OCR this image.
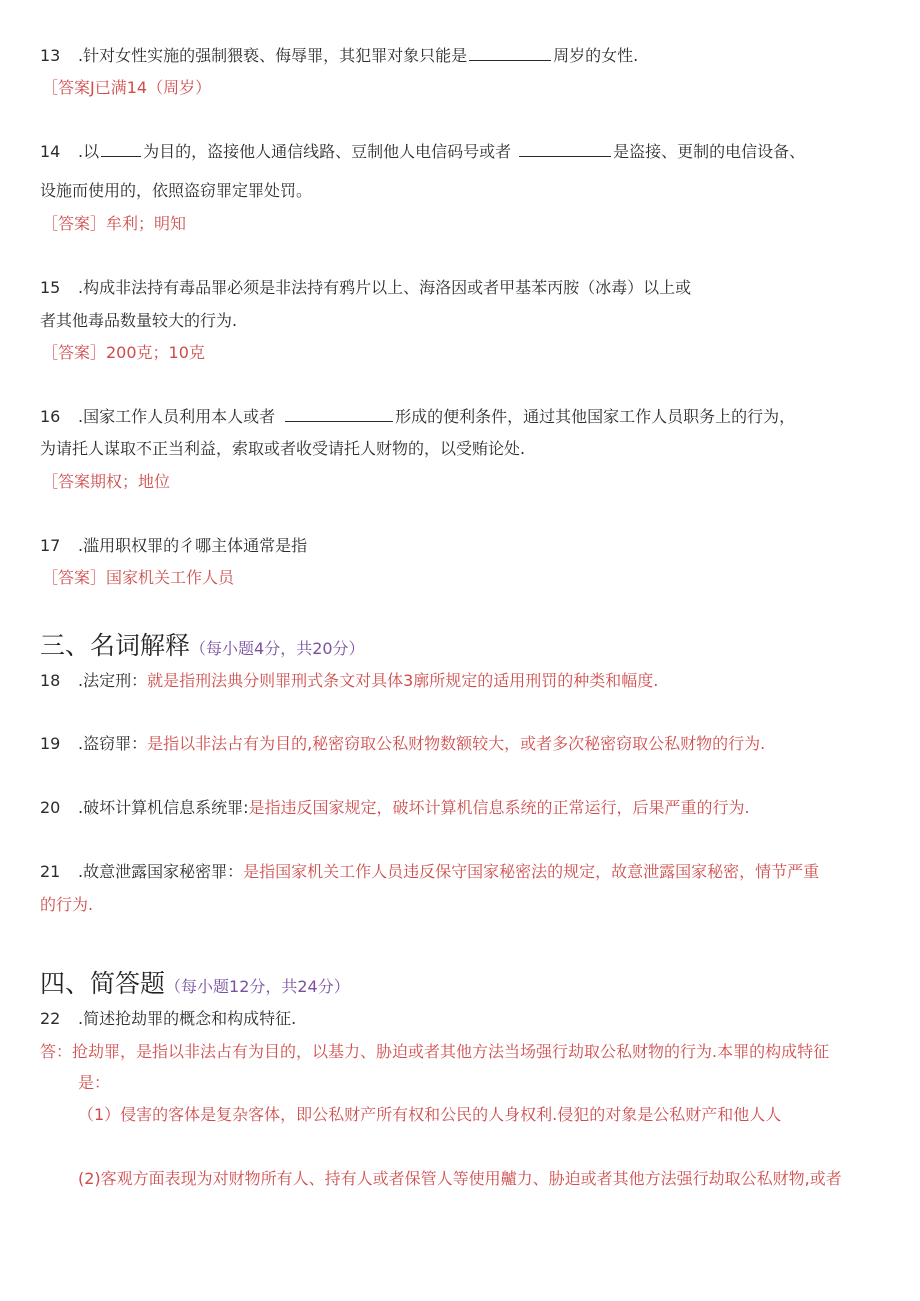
13 .针对女性实施的强制猥亵、侮辱罪，其犯罪对象只能是	周岁的女性.
［答案J已满14（周岁）
14 .以	为目的，盗接他人通信线路、豆制他人电信码号或者	是盗接、更制的电信设备、
设施而使用的，依照盗窃罪定罪处罚。
［答案］牟利；明知
15 .构成非法持有毒品罪必须是非法持有鸦片以上、海洛因或者甲基苯丙胺（冰毒）以上或
者其他毒品数量较大的行为.
［答案］200克；10克
16 .国家工作人员利用本人或者	形成的便利条件，通过其他国家工作人员职务上的行为，
为请托人谋取不正当利益，索取或者收受请托人财物的，以受贿论处.
［答案期权；地位
17 .滥用职权罪的彳哪主体通常是指
［答案］国家机关工作人员
三、名词解释（每小题4分，共20分）
18 .法定刑：就是指刑法典分则罪刑式条文对具体3廓所规定的适用刑罚的种类和幅度.
19 .盗窃罪：是指以非法占有为目的,秘密窃取公私财物数额较大，或者多次秘密窃取公私财物的行为.
20 .破坏计算机信息系统罪:是指违反国家规定，破坏计算机信息系统的正常运行，后果严重的行为.
21 .故意泄露国家秘密罪：是指国家机关工作人员违反保守国家秘密法的规定，故意泄露国家秘密，情节严重
的行为.
四、简答题（每小题12分，共24分）
22 .简述抢劫罪的概念和构成特征.
答：抢劫罪，是指以非法占有为目的，以基力、胁迫或者其他方法当场强行劫取公私财物的行为.本罪的构成特征
是：
（1）侵害的客体是复杂客体，即公私财产所有权和公民的人身权利.侵犯的对象是公私财产和他人人
(2)客观方面表现为对财物所有人、持有人或者保管人等使用齇力、胁迫或者其他方法强行劫取公私财物,或者
